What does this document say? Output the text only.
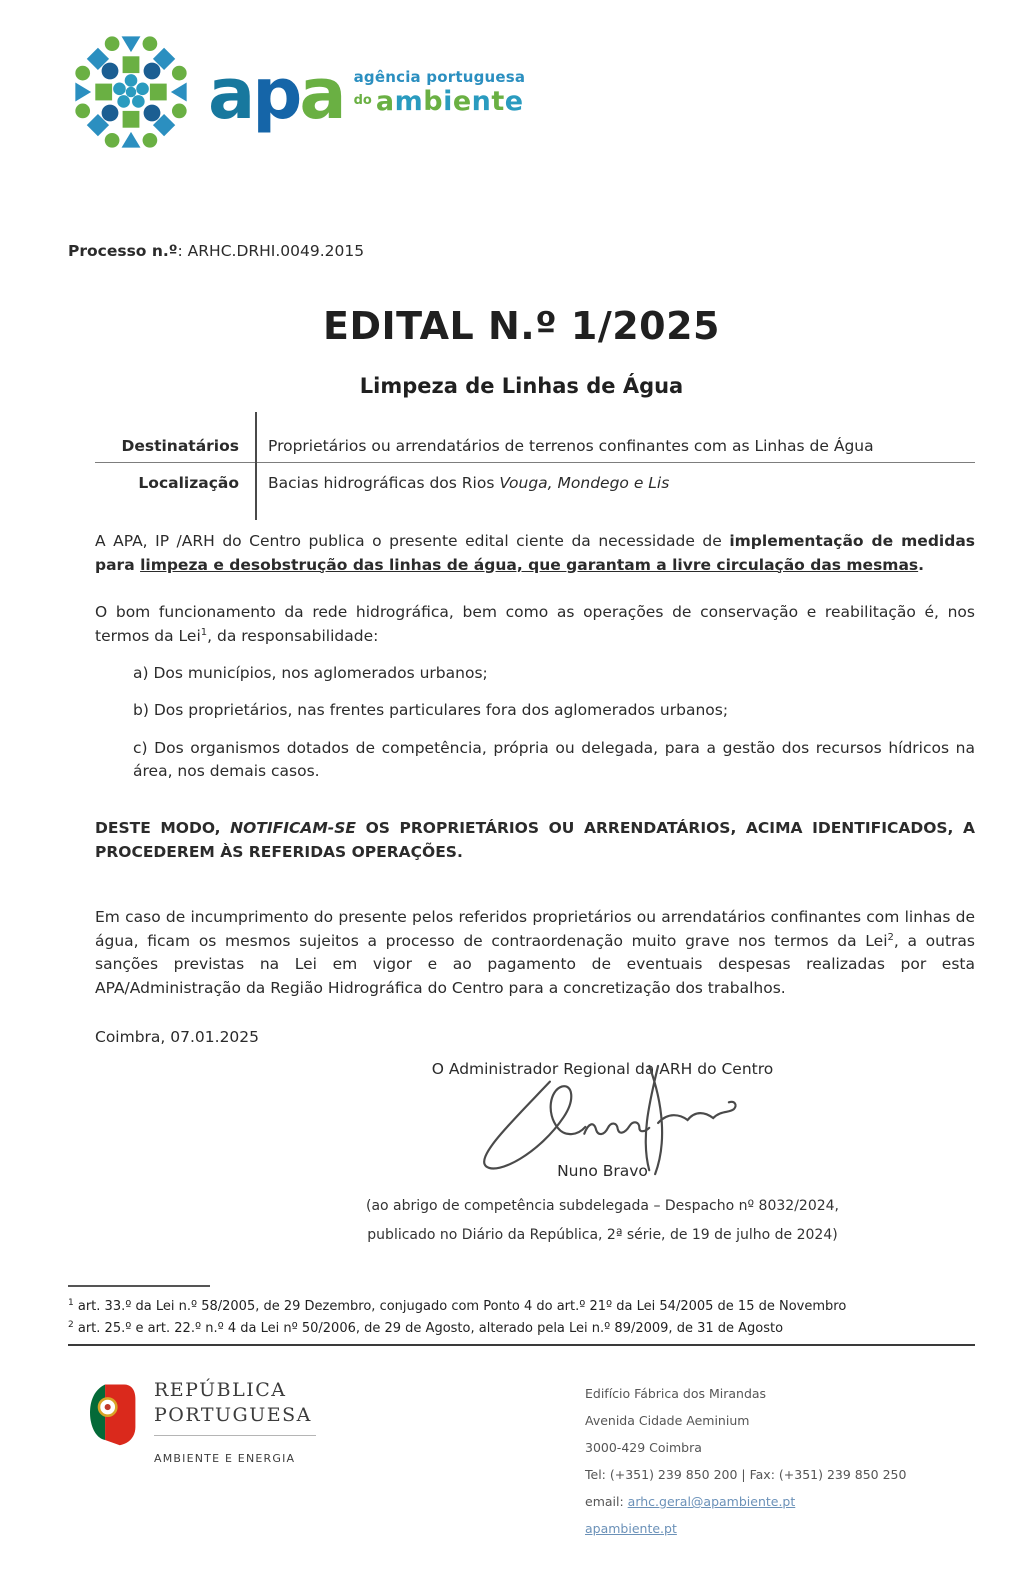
apa agência portuguesa
$^{do}$ ambiente
Processo n.º: ARHC.DRHI.0049.2015
EDITAL N.º 1/2025
Limpeza de Linhas de Água
Destinatários	Proprietários ou arrendatários de terrenos confinantes com as Linhas de Água
Localização	Bacias hidrográficas dos Rios Vouga, Mondego e Lis

A APA, IP /ARH do Centro publica o presente edital ciente da necessidade de implementação de medidas para limpeza e desobstrução das linhas de água, que garantam a livre circulação das mesmas.

O bom funcionamento da rede hidrográfica, bem como as operações de conservação e reabilitação é, nos termos da Lei$^1$, da responsabilidade:

a) Dos municípios, nos aglomerados urbanos;

b) Dos proprietários, nas frentes particulares fora dos aglomerados urbanos;

c) Dos organismos dotados de competência, própria ou delegada, para a gestão dos recursos hídricos na área, nos demais casos.

DESTE MODO, NOTIFICAM-SE OS PROPRIETÁRIOS OU ARRENDATÁRIOS, ACIMA IDENTIFICADOS, A PROCEDEREM ÀS REFERIDAS OPERAÇÕES.

Em caso de incumprimento do presente pelos referidos proprietários ou arrendatários confinantes com linhas de água, ficam os mesmos sujeitos a processo de contraordenação muito grave nos termos da Lei$^2$, a outras sanções previstas na Lei em vigor e ao pagamento de eventuais despesas realizadas por esta APA/Administração da Região Hidrográfica do Centro para a concretização dos trabalhos.

Coimbra, 07.01.2025
O Administrador Regional da ARH do Centro
Nuno Bravo
(ao abrigo de competência subdelegada – Despacho nº 8032/2024,
publicado no Diário da República, 2ª série, de 19 de julho de 2024)
$^1$ art. 33.º da Lei n.º 58/2005, de 29 Dezembro, conjugado com Ponto 4 do art.º 21º da Lei 54/2005 de 15 de Novembro
$^2$ art. 25.º e art. 22.º n.º 4 da Lei nº 50/2006, de 29 de Agosto, alterado pela Lei n.º 89/2009, de 31 de Agosto
REPÚBLICA
PORTUGUESA
AMBIENTE E ENERGIA
Edifício Fábrica dos Mirandas
Avenida Cidade Aeminium
3000-429 Coimbra
Tel: (+351) 239 850 200 | Fax: (+351) 239 850 250
email: arhc.geral@apambiente.pt
apambiente.pt
